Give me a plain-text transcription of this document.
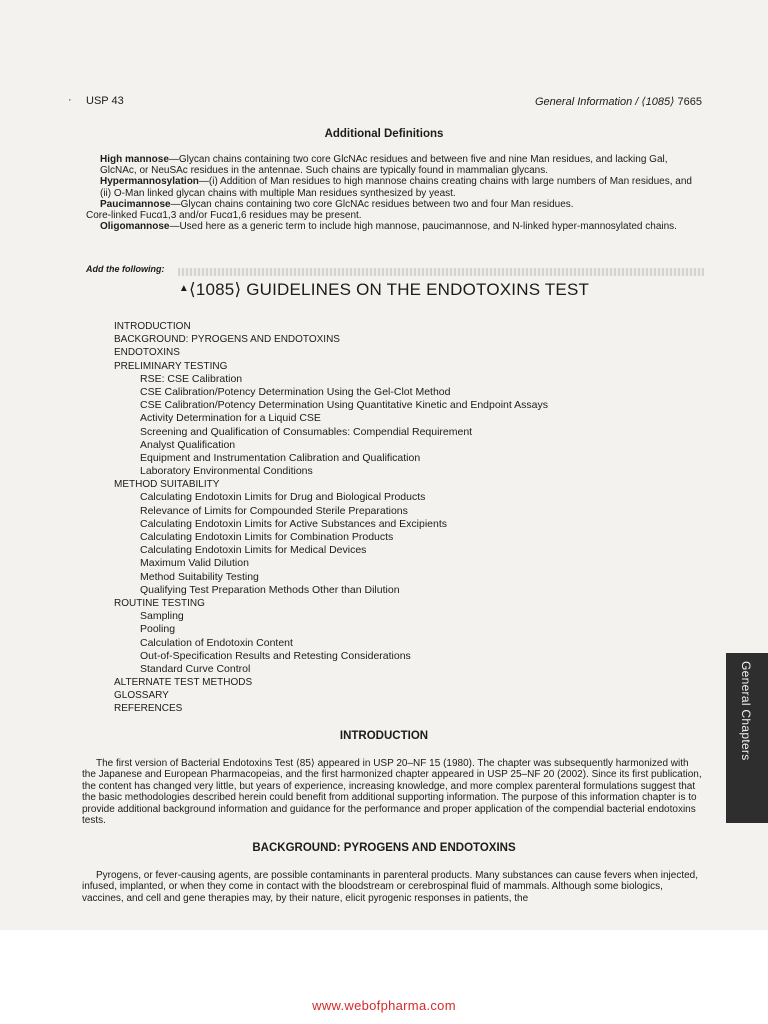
· USP 43	General Information / ⟨1085⟩ 7665
Additional Definitions

High mannose—Glycan chains containing two core GlcNAc residues and between five and nine Man residues, and lacking Gal, GlcNAc, or NeuSAc residues in the antennae. Such chains are typically found in mammalian glycans.

Hypermannosylation—(i) Addition of Man residues to high mannose chains creating chains with large numbers of Man residues, and (ii) O-Man linked glycan chains with multiple Man residues synthesized by yeast.

Paucimannose—Glycan chains containing two core GlcNAc residues between two and four Man residues.

Core-linked Fucα1,3 and/or Fucα1,6 residues may be present.

Oligomannose—Used here as a generic term to include high mannose, paucimannose, and N-linked hyper-mannosylated chains.

Add the following:
▲⟨1085⟩ GUIDELINES ON THE ENDOTOXINS TEST
INTRODUCTION
BACKGROUND: PYROGENS AND ENDOTOXINS
ENDOTOXINS
PRELIMINARY TESTING
RSE: CSE Calibration
CSE Calibration/Potency Determination Using the Gel-Clot Method
CSE Calibration/Potency Determination Using Quantitative Kinetic and Endpoint Assays
Activity Determination for a Liquid CSE
Screening and Qualification of Consumables: Compendial Requirement
Analyst Qualification
Equipment and Instrumentation Calibration and Qualification
Laboratory Environmental Conditions
METHOD SUITABILITY
Calculating Endotoxin Limits for Drug and Biological Products
Relevance of Limits for Compounded Sterile Preparations
Calculating Endotoxin Limits for Active Substances and Excipients
Calculating Endotoxin Limits for Combination Products
Calculating Endotoxin Limits for Medical Devices
Maximum Valid Dilution
Method Suitability Testing
Qualifying Test Preparation Methods Other than Dilution
ROUTINE TESTING
Sampling
Pooling
Calculation of Endotoxin Content
Out-of-Specification Results and Retesting Considerations
Standard Curve Control
ALTERNATE TEST METHODS
GLOSSARY
REFERENCES
INTRODUCTION

The first version of Bacterial Endotoxins Test ⟨85⟩ appeared in USP 20–NF 15 (1980). The chapter was subsequently harmonized with the Japanese and European Pharmacopeias, and the first harmonized chapter appeared in USP 25–NF 20 (2002). Since its first publication, the content has changed very little, but years of experience, increasing knowledge, and more complex parenteral formulations suggest that the basic methodologies described herein could benefit from additional supporting information. The purpose of this information chapter is to provide additional background information and guidance for the performance and proper application of the compendial bacterial endotoxins tests.

BACKGROUND: PYROGENS AND ENDOTOXINS

Pyrogens, or fever-causing agents, are possible contaminants in parenteral products. Many substances can cause fevers when injected, infused, implanted, or when they come in contact with the bloodstream or cerebrospinal fluid of mammals. Although some biologics, vaccines, and cell and gene therapies may, by their nature, elicit pyrogenic responses in patients, the

General Chapters
www.webofpharma.com
